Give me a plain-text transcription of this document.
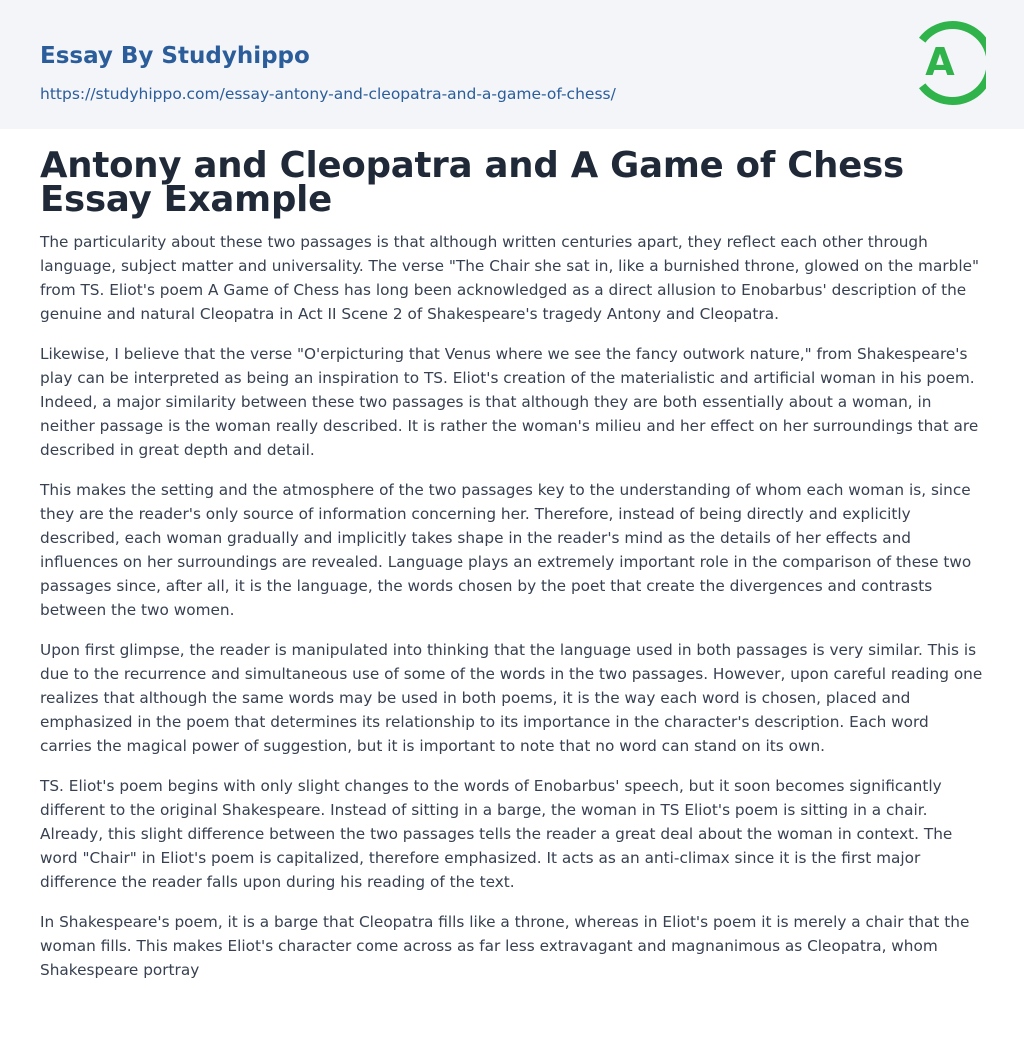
Essay By Studyhippo
https://studyhippo.com/essay-antony-and-cleopatra-and-a-game-of-chess/
A
Antony and Cleopatra and A Game of Chess Essay Example

The particularity about these two passages is that although written centuries apart, they reflect each other through language, subject matter and universality. The verse "The Chair she sat in, like a burnished throne, glowed on the marble" from TS. Eliot's poem A Game of Chess has long been acknowledged as a direct allusion to Enobarbus' description of the genuine and natural Cleopatra in Act II Scene 2 of Shakespeare's tragedy Antony and Cleopatra.

Likewise, I believe that the verse "O'erpicturing that Venus where we see the fancy outwork nature," from Shakespeare's play can be interpreted as being an inspiration to TS. Eliot's creation of the materialistic and artificial woman in his poem. Indeed, a major similarity between these two passages is that although they are both essentially about a woman, in neither passage is the woman really described. It is rather the woman's milieu and her effect on her surroundings that are described in great depth and detail.

This makes the setting and the atmosphere of the two passages key to the understanding of whom each woman is, since they are the reader's only source of information concerning her. Therefore, instead of being directly and explicitly described, each woman gradually and implicitly takes shape in the reader's mind as the details of her effects and influences on her surroundings are revealed. Language plays an extremely important role in the comparison of these two passages since, after all, it is the language, the words chosen by the poet that create the divergences and contrasts between the two women.

Upon first glimpse, the reader is manipulated into thinking that the language used in both passages is very similar. This is due to the recurrence and simultaneous use of some of the words in the two passages. However, upon careful reading one realizes that although the same words may be used in both poems, it is the way each word is chosen, placed and emphasized in the poem that determines its relationship to its importance in the character's description. Each word carries the magical power of suggestion, but it is important to note that no word can stand on its own.

TS. Eliot's poem begins with only slight changes to the words of Enobarbus' speech, but it soon becomes significantly different to the original Shakespeare. Instead of sitting in a barge, the woman in TS Eliot's poem is sitting in a chair. Already, this slight difference between the two passages tells the reader a great deal about the woman in context. The word "Chair" in Eliot's poem is capitalized, therefore emphasized. It acts as an anti-climax since it is the first major difference the reader falls upon during his reading of the text.

In Shakespeare's poem, it is a barge that Cleopatra fills like a throne, whereas in Eliot's poem it is merely a chair that the woman fills. This makes Eliot's character come across as far less extravagant and magnanimous as Cleopatra, whom Shakespeare portray
